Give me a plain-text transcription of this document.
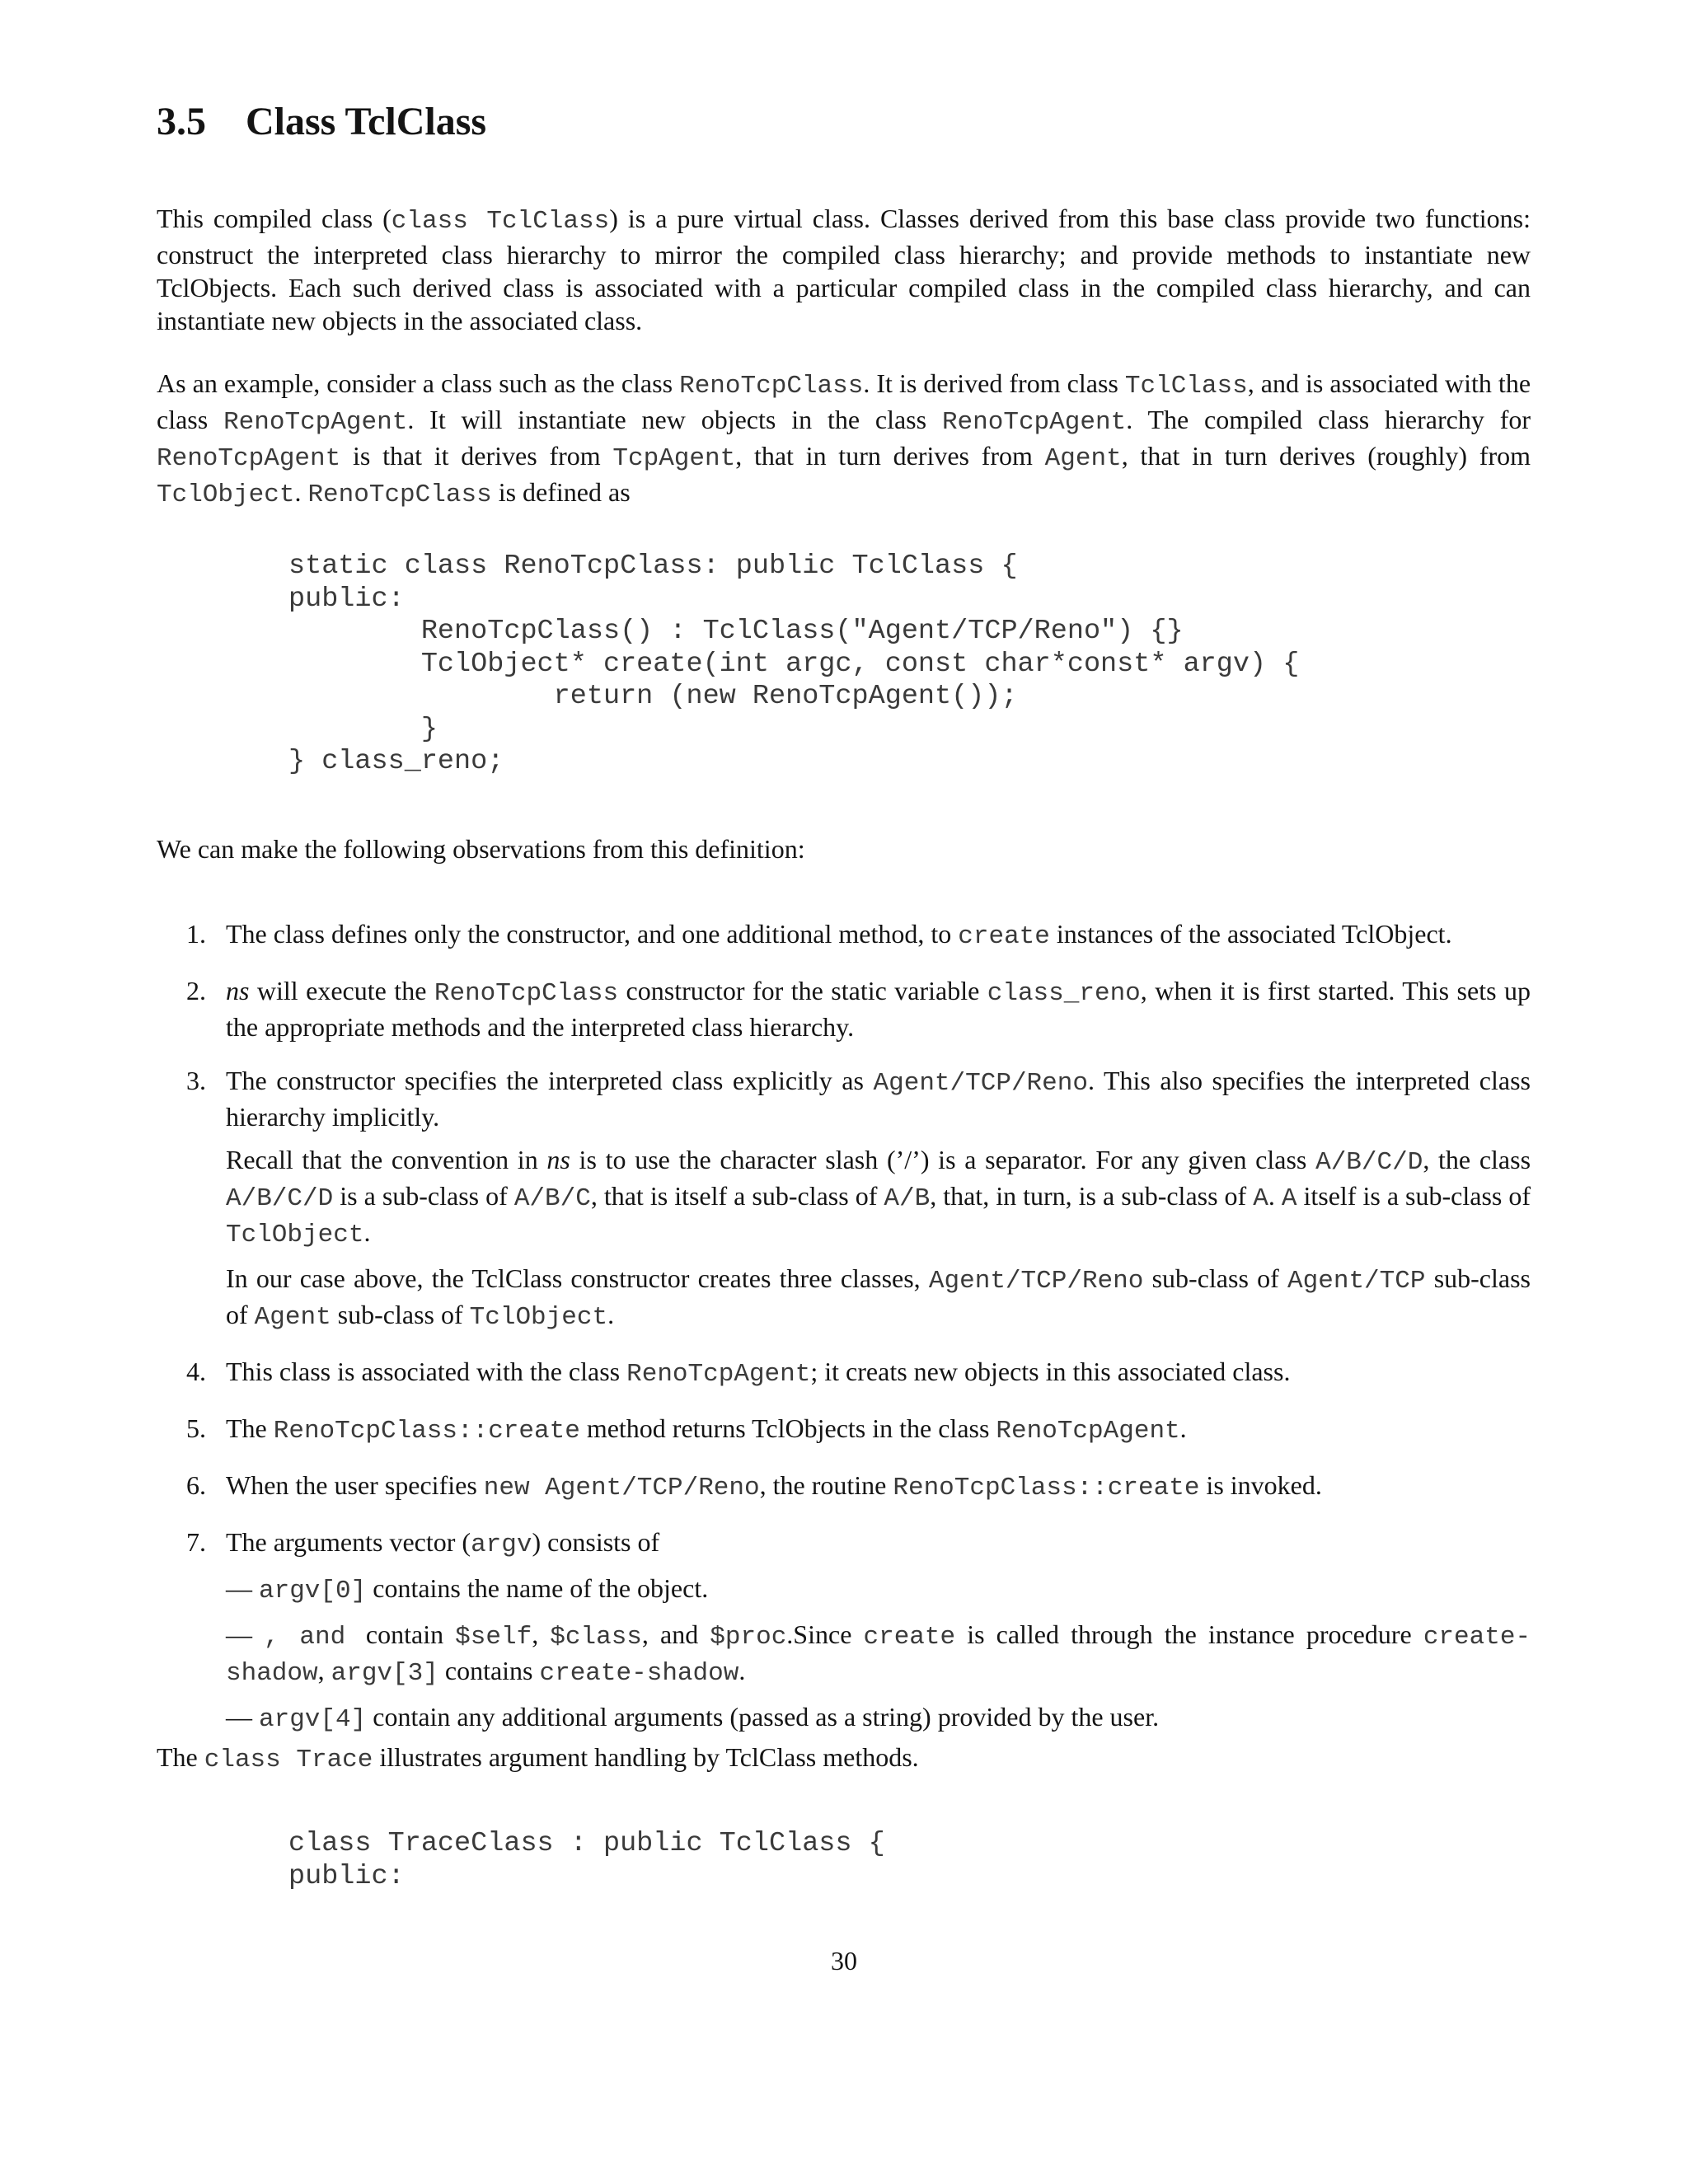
3.5 Class TclClass

This compiled class (class TclClass) is a pure virtual class. Classes derived from this base class provide two functions: construct the interpreted class hierarchy to mirror the compiled class hierarchy; and provide methods to instantiate new TclObjects. Each such derived class is associated with a particular compiled class in the compiled class hierarchy, and can instantiate new objects in the associated class.

As an example, consider a class such as the class RenoTcpClass. It is derived from class TclClass, and is associated with the class RenoTcpAgent. It will instantiate new objects in the class RenoTcpAgent. The compiled class hierarchy for RenoTcpAgent is that it derives from TcpAgent, that in turn derives from Agent, that in turn derives (roughly) from TclObject. RenoTcpClass is defined as

static class RenoTcpClass: public TclClass {
public:
RenoTcpClass() : TclClass("Agent/TCP/Reno") {}
TclObject* create(int argc, const char*const* argv) {
return (new RenoTcpAgent());
}
} class_reno;

We can make the following observations from this definition:

1. The class defines only the constructor, and one additional method, to create instances of the associated TclObject.

2. ns will execute the RenoTcpClass constructor for the static variable class_reno, when it is first started. This sets up the appropriate methods and the interpreted class hierarchy.

3. The constructor specifies the interpreted class explicitly as Agent/TCP/Reno. This also specifies the interpreted class hierarchy implicitly.

Recall that the convention in ns is to use the character slash (’/’) is a separator. For any given class A/B/C/D, the class A/B/C/D is a sub-class of A/B/C, that is itself a sub-class of A/B, that, in turn, is a sub-class of A. A itself is a sub-class of TclObject.

In our case above, the TclClass constructor creates three classes, Agent/TCP/Reno sub-class of Agent/TCP sub-class of Agent sub-class of TclObject.

4. This class is associated with the class RenoTcpAgent; it creats new objects in this associated class.

5. The RenoTcpClass::create method returns TclObjects in the class RenoTcpAgent.

6. When the user specifies new Agent/TCP/Reno, the routine RenoTcpClass::create is invoked.

7. The arguments vector (argv) consists of

— argv[0] contains the name of the object.

— , and contain $self, $class, and $proc.Since create is called through the instance procedure create-shadow, argv[3] contains create-shadow.

— argv[4] contain any additional arguments (passed as a string) provided by the user.

The class Trace illustrates argument handling by TclClass methods.

class TraceClass : public TclClass {
public:
30
